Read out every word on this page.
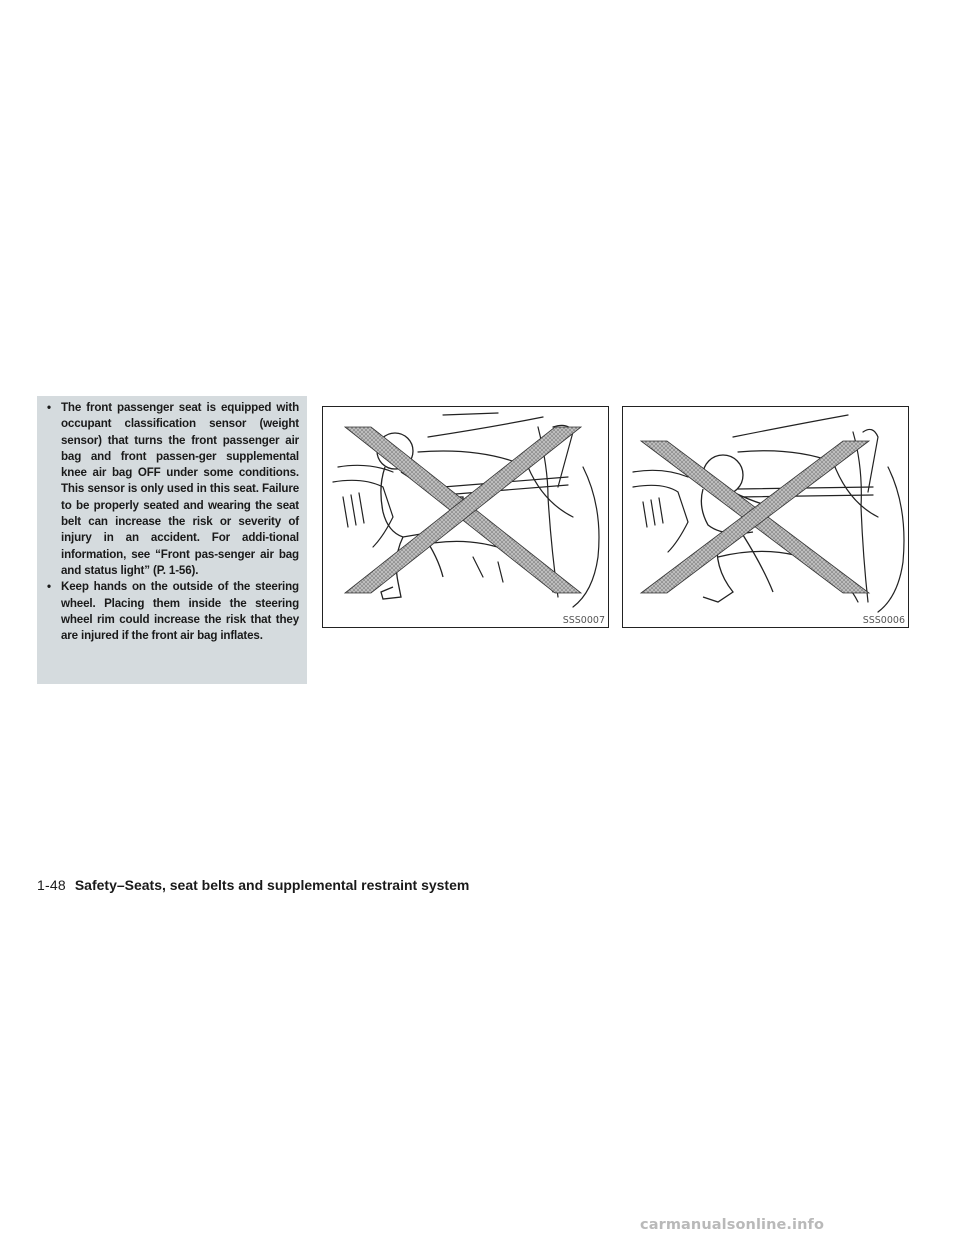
• The front passenger seat is equipped with occupant classification sensor (weight sensor) that turns the front passenger air bag and front passen-ger supplemental knee air bag OFF under some conditions. This sensor is only used in this seat. Failure to be properly seated and wearing the seat belt can increase the risk or severity of injury in an accident. For addi-tional information, see “Front pas-senger air bag and status light” (P. 1-56).

• Keep hands on the outside of the steering wheel. Placing them inside the steering wheel rim could increase the risk that they are injured if the front air bag inflates.

SSS0007	SSS0006
1-48 Safety–Seats, seat belts and supplemental restraint system
carmanualsonline.info
